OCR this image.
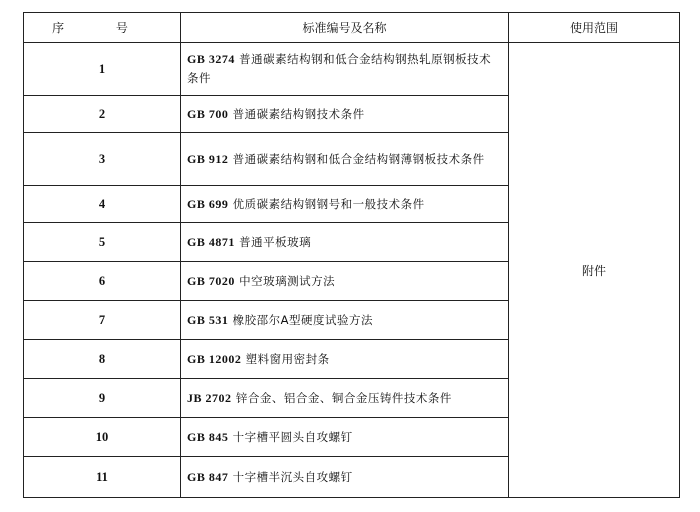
序 号	标准编号及名称	使用范围
1	GB 3274 普通碳素结构钢和低合金结构钢热轧原钢板技术条件	附件
2	GB 700 普通碳素结构钢技术条件	
3	GB 912 普通碳素结构钢和低合金结构钢薄钢板技术条件	
4	GB 699 优质碳素结构钢钢号和一般技术条件	
5	GB 4871 普通平板玻璃	
6	GB 7020 中空玻璃测试方法	
7	GB 531 橡胶邵尔A型硬度试验方法	
8	GB 12002 塑料窗用密封条	
9	JB 2702 锌合金、铝合金、铜合金压铸件技术条件	
10	GB 845 十字槽平圆头自攻螺钉	
11	GB 847 十字槽半沉头自攻螺钉	
